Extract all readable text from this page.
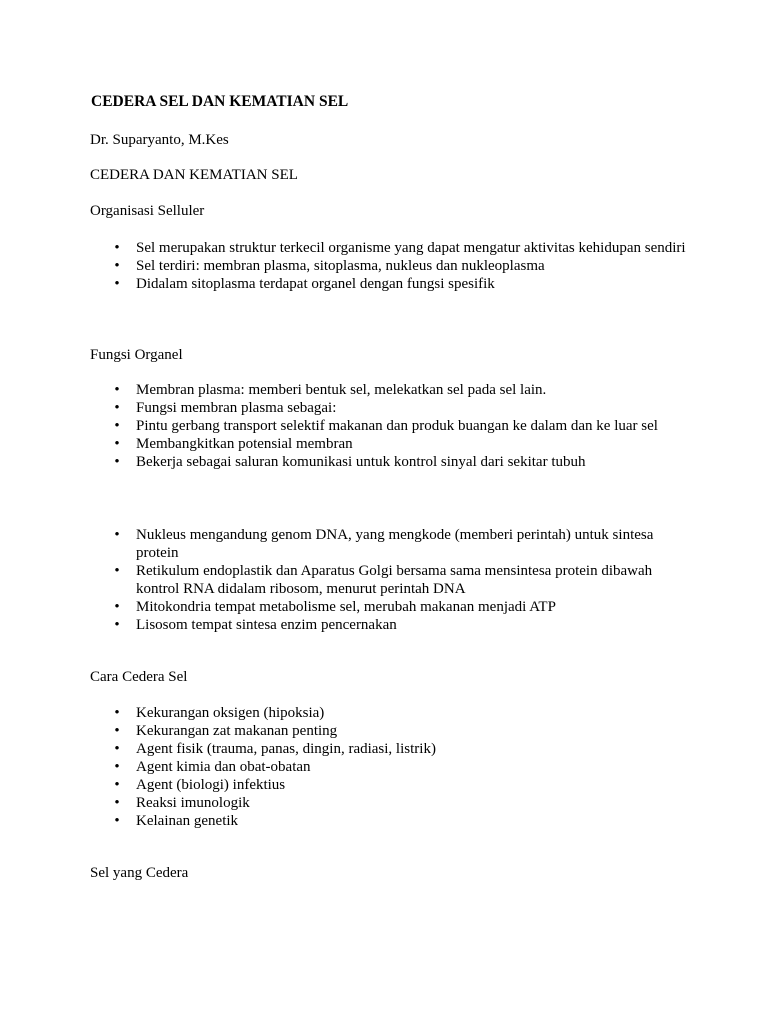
CEDERA SEL DAN KEMATIAN SEL
Dr. Suparyanto, M.Kes
CEDERA DAN KEMATIAN SEL
Organisasi Selluler
• Sel merupakan struktur terkecil organisme yang dapat mengatur aktivitas kehidupan sendiri
• Sel terdiri: membran plasma, sitoplasma, nukleus dan nukleoplasma
• Didalam sitoplasma terdapat organel dengan fungsi spesifik
Fungsi Organel
• Membran plasma: memberi bentuk sel, melekatkan sel pada sel lain.
• Fungsi membran plasma sebagai:
• Pintu gerbang transport selektif makanan dan produk buangan ke dalam dan ke luar sel
• Membangkitkan potensial membran
• Bekerja sebagai saluran komunikasi untuk kontrol sinyal dari sekitar tubuh
• Nukleus mengandung genom DNA, yang mengkode (memberi perintah) untuk sintesa protein
• Retikulum endoplastik dan Aparatus Golgi bersama sama mensintesa protein dibawah kontrol RNA didalam ribosom, menurut perintah DNA
• Mitokondria tempat metabolisme sel, merubah makanan menjadi ATP
• Lisosom tempat sintesa enzim pencernakan
Cara Cedera Sel
• Kekurangan oksigen (hipoksia)
• Kekurangan zat makanan penting
• Agent fisik (trauma, panas, dingin, radiasi, listrik)
• Agent kimia dan obat-obatan
• Agent (biologi) infektius
• Reaksi imunologik
• Kelainan genetik
Sel yang Cedera
